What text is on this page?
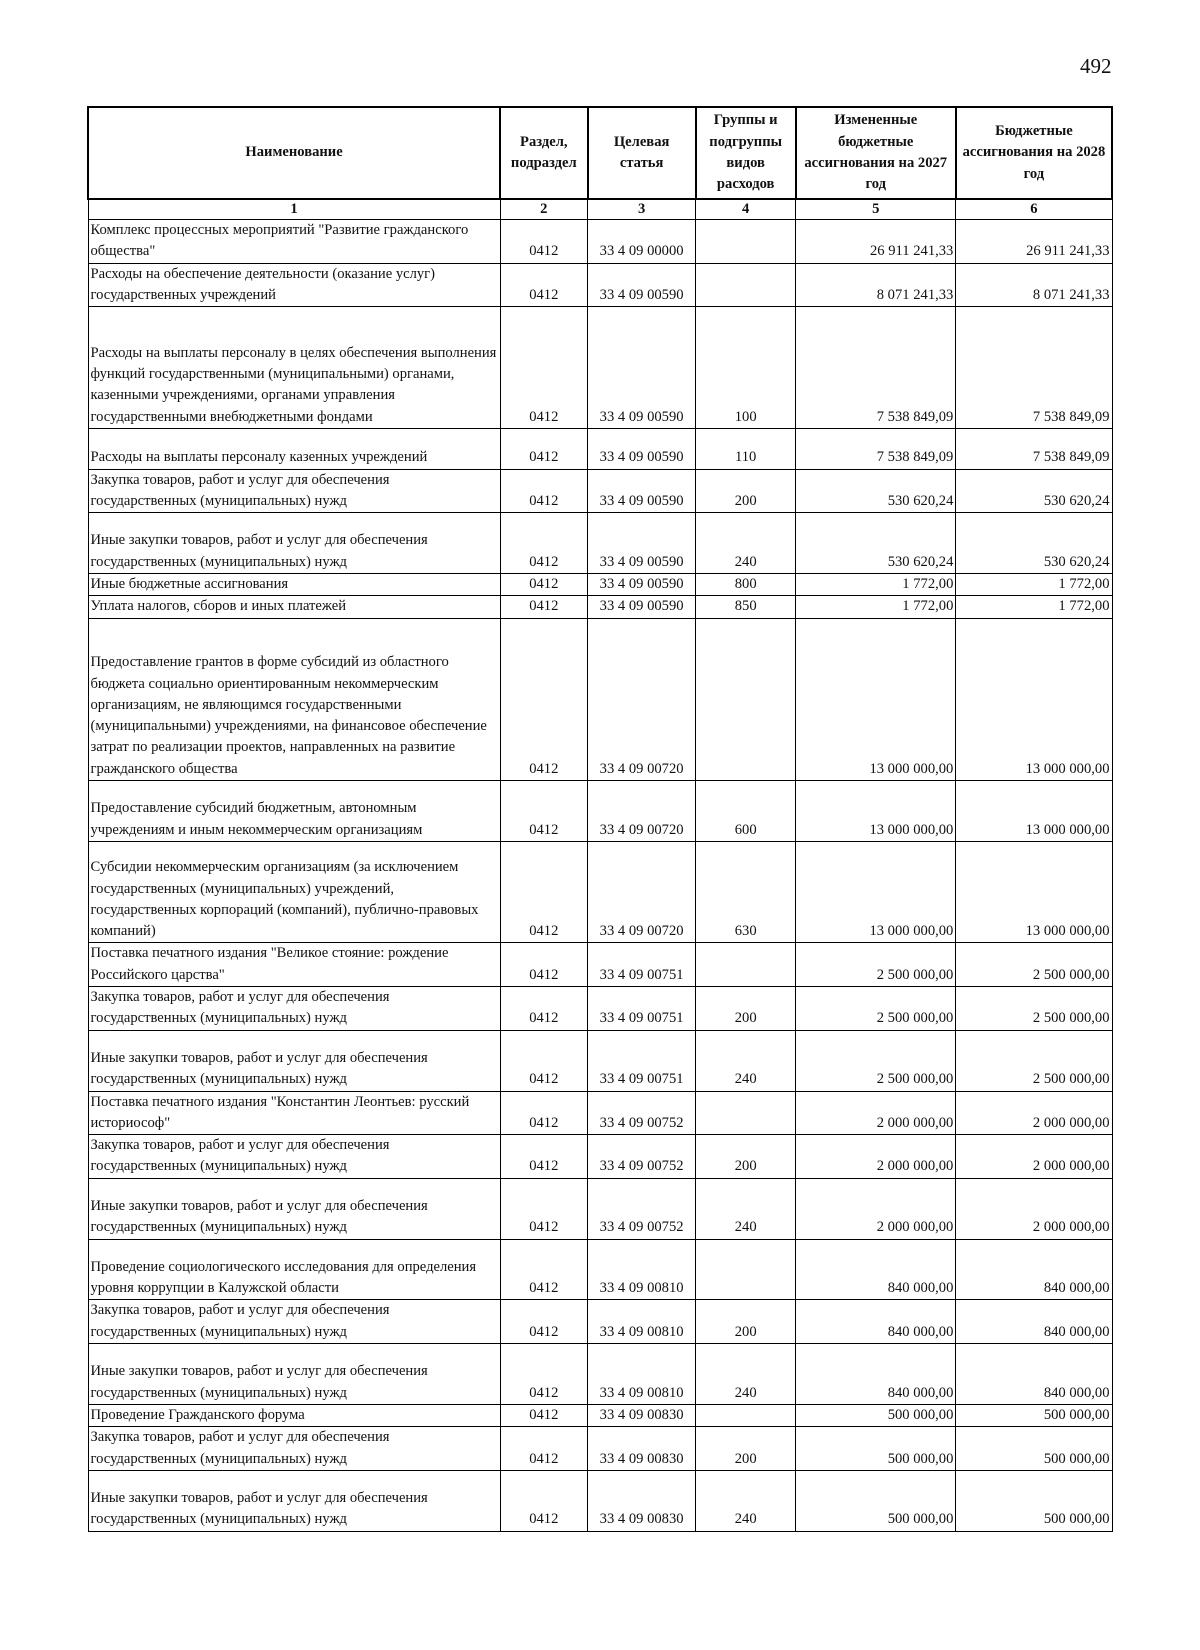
492
Наименование	Раздел, подраздел	Целевая статья	Группы и подгруппы видов расходов	Измененные бюджетные ассигнования на 2027 год	Бюджетные ассигнования на 2028 год
1	2	3	4	5	6
Комплекс процессных мероприятий "Развитие гражданского общества"	0412	33 4 09 00000		26 911 241,33	26 911 241,33
Расходы на обеспечение деятельности (оказание услуг) государственных учреждений	0412	33 4 09 00590		8 071 241,33	8 071 241,33
Расходы на выплаты персоналу в целях обеспечения выполнения функций государственными (муниципальными) органами, казенными учреждениями, органами управления государственными внебюджетными фондами	0412	33 4 09 00590	100	7 538 849,09	7 538 849,09
Расходы на выплаты персоналу казенных учреждений	0412	33 4 09 00590	110	7 538 849,09	7 538 849,09
Закупка товаров, работ и услуг для обеспечения государственных (муниципальных) нужд	0412	33 4 09 00590	200	530 620,24	530 620,24
Иные закупки товаров, работ и услуг для обеспечения государственных (муниципальных) нужд	0412	33 4 09 00590	240	530 620,24	530 620,24
Иные бюджетные ассигнования	0412	33 4 09 00590	800	1 772,00	1 772,00
Уплата налогов, сборов и иных платежей	0412	33 4 09 00590	850	1 772,00	1 772,00
Предоставление грантов в форме субсидий из областного бюджета социально ориентированным некоммерческим организациям, не являющимся государственными (муниципальными) учреждениями, на финансовое обеспечение затрат по реализации проектов, направленных на развитие гражданского общества	0412	33 4 09 00720		13 000 000,00	13 000 000,00
Предоставление субсидий бюджетным, автономным учреждениям и иным некоммерческим организациям	0412	33 4 09 00720	600	13 000 000,00	13 000 000,00
Субсидии некоммерческим организациям (за исключением государственных (муниципальных) учреждений, государственных корпораций (компаний), публично-правовых компаний)	0412	33 4 09 00720	630	13 000 000,00	13 000 000,00
Поставка печатного издания "Великое стояние: рождение Российского царства"	0412	33 4 09 00751		2 500 000,00	2 500 000,00
Закупка товаров, работ и услуг для обеспечения государственных (муниципальных) нужд	0412	33 4 09 00751	200	2 500 000,00	2 500 000,00
Иные закупки товаров, работ и услуг для обеспечения государственных (муниципальных) нужд	0412	33 4 09 00751	240	2 500 000,00	2 500 000,00
Поставка печатного издания "Константин Леонтьев: русский историософ"	0412	33 4 09 00752		2 000 000,00	2 000 000,00
Закупка товаров, работ и услуг для обеспечения государственных (муниципальных) нужд	0412	33 4 09 00752	200	2 000 000,00	2 000 000,00
Иные закупки товаров, работ и услуг для обеспечения государственных (муниципальных) нужд	0412	33 4 09 00752	240	2 000 000,00	2 000 000,00
Проведение социологического исследования для определения уровня коррупции в Калужской области	0412	33 4 09 00810		840 000,00	840 000,00
Закупка товаров, работ и услуг для обеспечения государственных (муниципальных) нужд	0412	33 4 09 00810	200	840 000,00	840 000,00
Иные закупки товаров, работ и услуг для обеспечения государственных (муниципальных) нужд	0412	33 4 09 00810	240	840 000,00	840 000,00
Проведение Гражданского форума	0412	33 4 09 00830		500 000,00	500 000,00
Закупка товаров, работ и услуг для обеспечения государственных (муниципальных) нужд	0412	33 4 09 00830	200	500 000,00	500 000,00
Иные закупки товаров, работ и услуг для обеспечения государственных (муниципальных) нужд	0412	33 4 09 00830	240	500 000,00	500 000,00
